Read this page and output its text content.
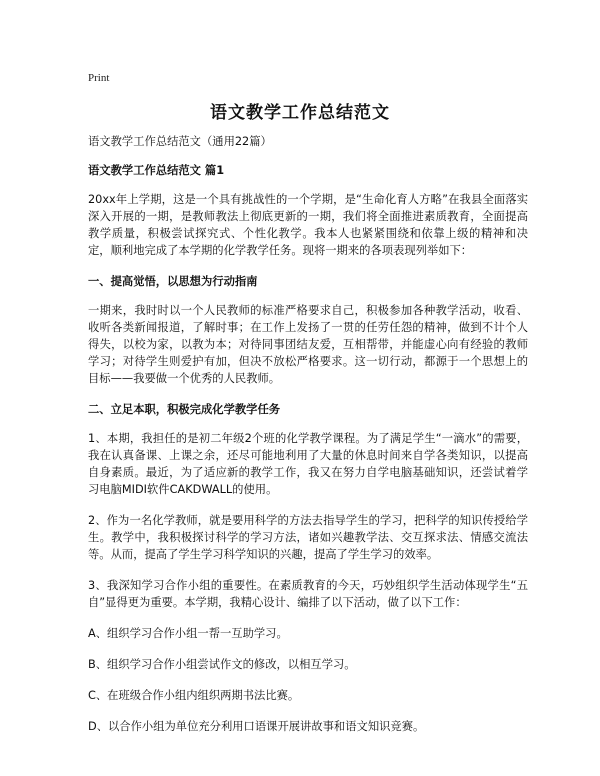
Print
语文教学工作总结范文

语文教学工作总结范文（通用22篇）

语文教学工作总结范文 篇1

20xx年上学期，这是一个具有挑战性的一个学期，是“生命化育人方略”在我县全面落实深入开展的一期，是教师教法上彻底更新的一期，我们将全面推进素质教育，全面提高教学质量，积极尝试探究式、个性化教学。我本人也紧紧围绕和依靠上级的精神和决定，顺利地完成了本学期的化学教学任务。现将一期来的各项表现列举如下：

一、提高觉悟，以思想为行动指南

一期来，我时时以一个人民教师的标准严格要求自己，积极参加各种教学活动，收看、收听各类新闻报道，了解时事；在工作上发扬了一贯的任劳任怨的精神，做到不计个人得失，以校为家，以教为本；对待同事团结友爱，互相帮带，并能虚心向有经验的教师学习；对待学生则爱护有加，但决不放松严格要求。这一切行动，都源于一个思想上的目标——我要做一个优秀的人民教师。

二、立足本职，积极完成化学教学任务

1、本期，我担任的是初二年级2个班的化学教学课程。为了满足学生“一滴水”的需要，我在认真备课、上课之余，还尽可能地利用了大量的休息时间来自学各类知识，以提高自身素质。最近，为了适应新的教学工作，我又在努力自学电脑基础知识，还尝试着学习电脑MIDI软件CAKDWALL的使用。

2、作为一名化学教师，就是要用科学的方法去指导学生的学习，把科学的知识传授给学生。教学中，我积极探讨科学的学习方法，诸如兴趣教学法、交互探求法、情感交流法等。从而，提高了学生学习科学知识的兴趣，提高了学生学习的效率。

3、我深知学习合作小组的重要性。在素质教育的今天，巧妙组织学生活动体现学生“五自”显得更为重要。本学期，我精心设计、编排了以下活动，做了以下工作：

A、组织学习合作小组一帮一互助学习。

B、组织学习合作小组尝试作文的修改，以相互学习。

C、在班级合作小组内组织两期书法比赛。

D、以合作小组为单位充分利用口语课开展讲故事和语文知识竞赛。
